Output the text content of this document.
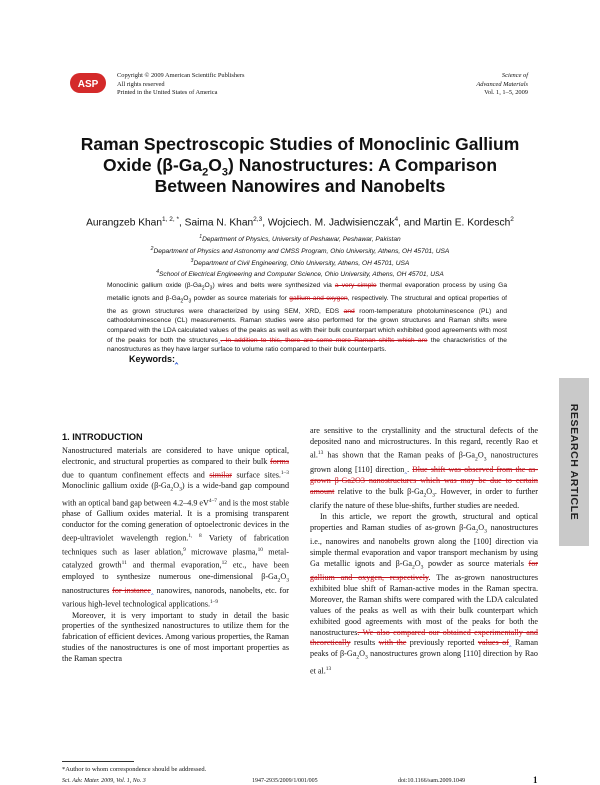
ASP
Copyright © 2009 American Scientific Publishers
All rights reserved
Printed in the United States of America
Science of
Advanced Materials
Vol. 1, 1–5, 2009
Raman Spectroscopic Studies of Monoclinic Gallium
Oxide $(\beta-Ga_2O_3)$ Nanostructures: A Comparison
Between Nanowires and Nanobelts
Aurangzeb Khan$^{1, 2, *}$, Saima N. Khan$^{2,3}$, Wojciech. M. Jadwisienczak$^4$, and Martin E. Kordesch$^2$
$^1$Department of Physics, University of Peshawar, Peshawar, Pakistan
$^2$Department of Physics and Astronomy and CMSS Program, Ohio University, Athens, OH 45701, USA
$^3$Department of Civil Engineering, Ohio University, Athens, OH 45701, USA
$^4$School of Electrical Engineering and Computer Science, Ohio University, Athens, OH 45701, USA
Monoclinic gallium oxide $(\beta-Ga_2O_3)$ wires and belts were synthesized via a very simple thermal evaporation process by using Ga metallic ignots and $\beta-Ga_2O_3$ powder as source materials for gallium and oxygen, respectively. The structural and optical properties of the as grown structures were characterized by using SEM, XRD, EDS and room-temperature photoluminescence (PL) and cathodoluminescence (CL) measurements. Raman studies were also performed for the grown structures and Raman shifts were compared with the LDA calculated values of the peaks as well as with their bulk counterpart which exhibited good agreements with most of the peaks for both the structures‸. In addition to this, there are some more Raman shifts which are the characteristics of the nanostructures as they have larger surface to volume ratio compared to their bulk counterparts.
Keywords:‸
RESEARCH ARTICLE
1. INTRODUCTION

Nanostructured materials are considered to have unique optical, electronic, and structural properties as compared to their bulk forms due to quantum confinement effects and similar surface sites.$^{1-3}$ Monoclinic gallium oxide $(\beta-Ga_2O_3)$ is a wide-band gap compound with an optical band gap between 4.2–4.9 $eV^{4-7}$ and is the most stable phase of Gallium oxides material. It is a promising transparent conductor for the coming generation of optoelectronic devices in the deep-ultraviolet wavelength region.$^{1, 8}$ Variety of fabrication techniques such as laser ablation,$^9$ microwave plasma,$^{10}$ metal-catalyzed growth$^{11}$ and thermal evaporation,$^{12}$ etc., have been employed to synthesize numerous one-dimensional $\beta-Ga_2O_3$ nanostructures for instance‸ nanowires, nanorods, nanobelts, etc. for various high-level technological applications.$^{1-9}$

Moreover, it is very important to study in detail the basic properties of the synthesized nanostructures to utilize them for the fabrication of efficient devices. Among various properties, the Raman studies of the nanostructures is one of most important properties as the Raman spectra

are sensitive to the crystallinity and the structural defects of the deposited nano and microstructures. In this regard, recently Rao et al.$^{13}$ has shown that the Raman peaks of $\beta-Ga_2O_3$ nanostructures grown along [110] direction‸. Blue shift was observed from the as-grown β-Ga2O3 nanostructures which was may be due to certain amount relative to the bulk $\beta-Ga_2O_3$. However, in order to further clarify the nature of these blue-shifts, further studies are needed.

In this article, we report the growth, structural and optical properties and Raman studies of as-grown $\beta-Ga_2O_3$ nanostructures i.e., nanowires and nanobelts grown along the [100] direction via simple thermal evaporation and vapor transport mechanism by using Ga metallic ignots and $\beta-Ga_2O_3$ powder as source materials for gallium and oxygen, respectively. The as-grown nanostructures exhibited blue shift of Raman-active modes in the Raman spectra. Moreover, the Raman shifts were compared with the LDA calculated values of the peaks as well as with their bulk counterpart which exhibited good agreements with most of the peaks for both the nanostructures. We also compared our obtained experimentally and theoretically results with the previously reported values of‸ Raman peaks of $\beta-Ga_2O_3$ nanostructures grown along [110] direction by Rao et al.$^{13}$

*Author to whom correspondence should be addressed.
Sci. Adv. Mater. 2009, Vol. 1, No. 3	1947-2935/2009/1/001/005	doi:10.1166/sam.2009.1049	1
